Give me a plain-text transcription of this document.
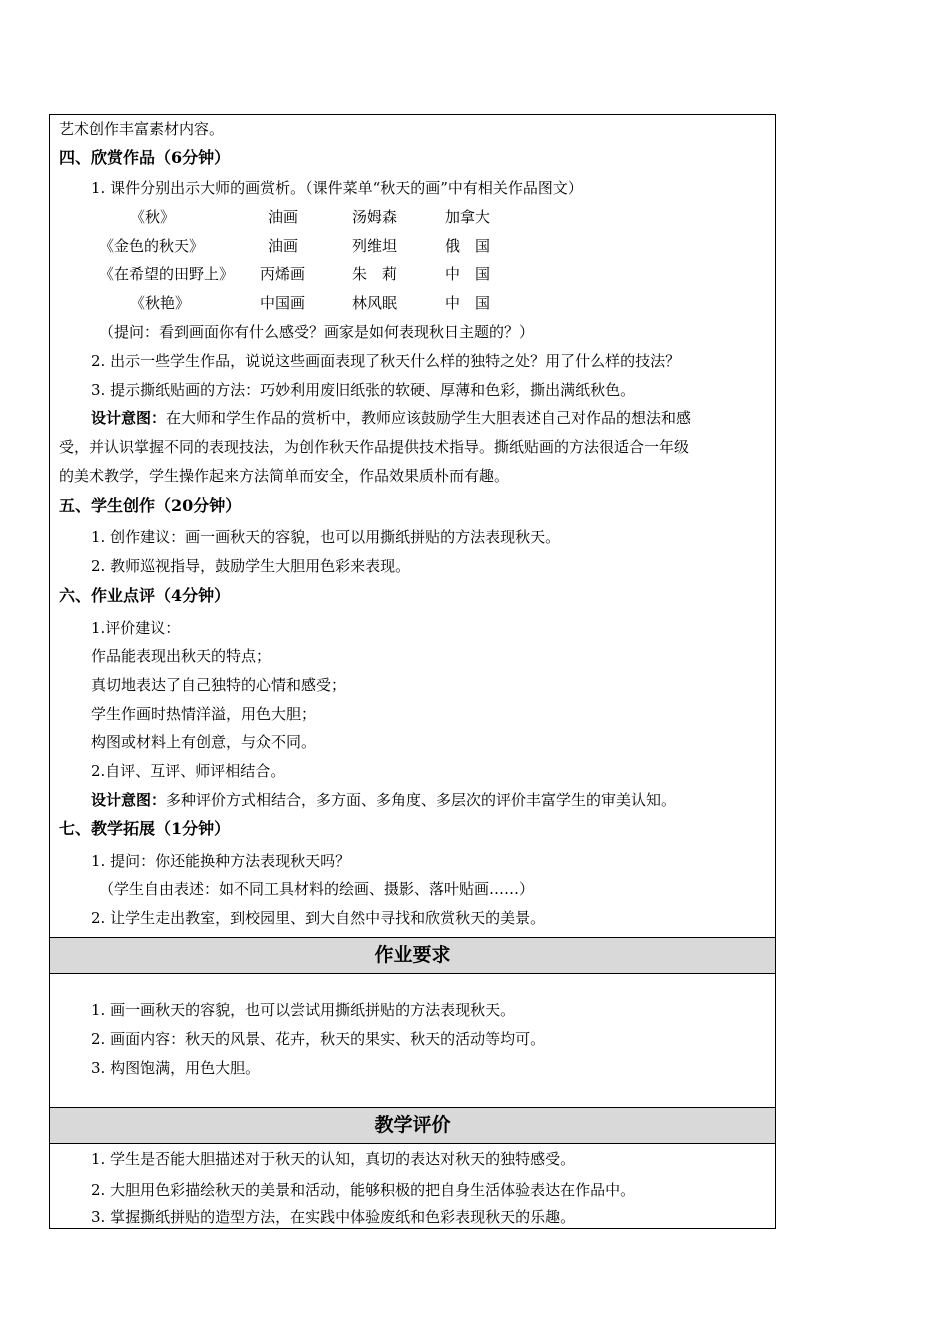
艺术创作丰富素材内容。
四、欣赏作品（6分钟）
1. 课件分别出示大师的画赏析。（课件菜单“秋天的画”中有相关作品图文）
《秋》	油画	汤姆森	加拿大
《金色的秋天》	油画	列维坦	俄　国
《在希望的田野上》 丙烯画	朱　莉	中　国
《秋艳》	中国画	林风眠	中　国
（提问：看到画面你有什么感受？画家是如何表现秋日主题的？）
2. 出示一些学生作品，说说这些画面表现了秋天什么样的独特之处？用了什么样的技法？
3. 提示撕纸贴画的方法：巧妙利用废旧纸张的软硬、厚薄和色彩，撕出满纸秋色。
设计意图：在大师和学生作品的赏析中，教师应该鼓励学生大胆表述自己对作品的想法和感
受，并认识掌握不同的表现技法，为创作秋天作品提供技术指导。撕纸贴画的方法很适合一年级
的美术教学，学生操作起来方法简单而安全，作品效果质朴而有趣。
五、学生创作（20分钟）
1. 创作建议：画一画秋天的容貌，也可以用撕纸拼贴的方法表现秋天。
2. 教师巡视指导，鼓励学生大胆用色彩来表现。
六、作业点评（4分钟）
1.评价建议：
作品能表现出秋天的特点；
真切地表达了自己独特的心情和感受；
学生作画时热情洋溢，用色大胆；
构图或材料上有创意，与众不同。
2.自评、互评、师评相结合。
设计意图：多种评价方式相结合，多方面、多角度、多层次的评价丰富学生的审美认知。
七、教学拓展（1分钟）
1. 提问：你还能换种方法表现秋天吗？
（学生自由表述：如不同工具材料的绘画、摄影、落叶贴画……）
2. 让学生走出教室，到校园里、到大自然中寻找和欣赏秋天的美景。
作业要求
1. 画一画秋天的容貌，也可以尝试用撕纸拼贴的方法表现秋天。
2. 画面内容：秋天的风景、花卉，秋天的果实、秋天的活动等均可。
3. 构图饱满，用色大胆。
教学评价
1. 学生是否能大胆描述对于秋天的认知，真切的表达对秋天的独特感受。
2. 大胆用色彩描绘秋天的美景和活动，能够积极的把自身生活体验表达在作品中。
3. 掌握撕纸拼贴的造型方法，在实践中体验废纸和色彩表现秋天的乐趣。
